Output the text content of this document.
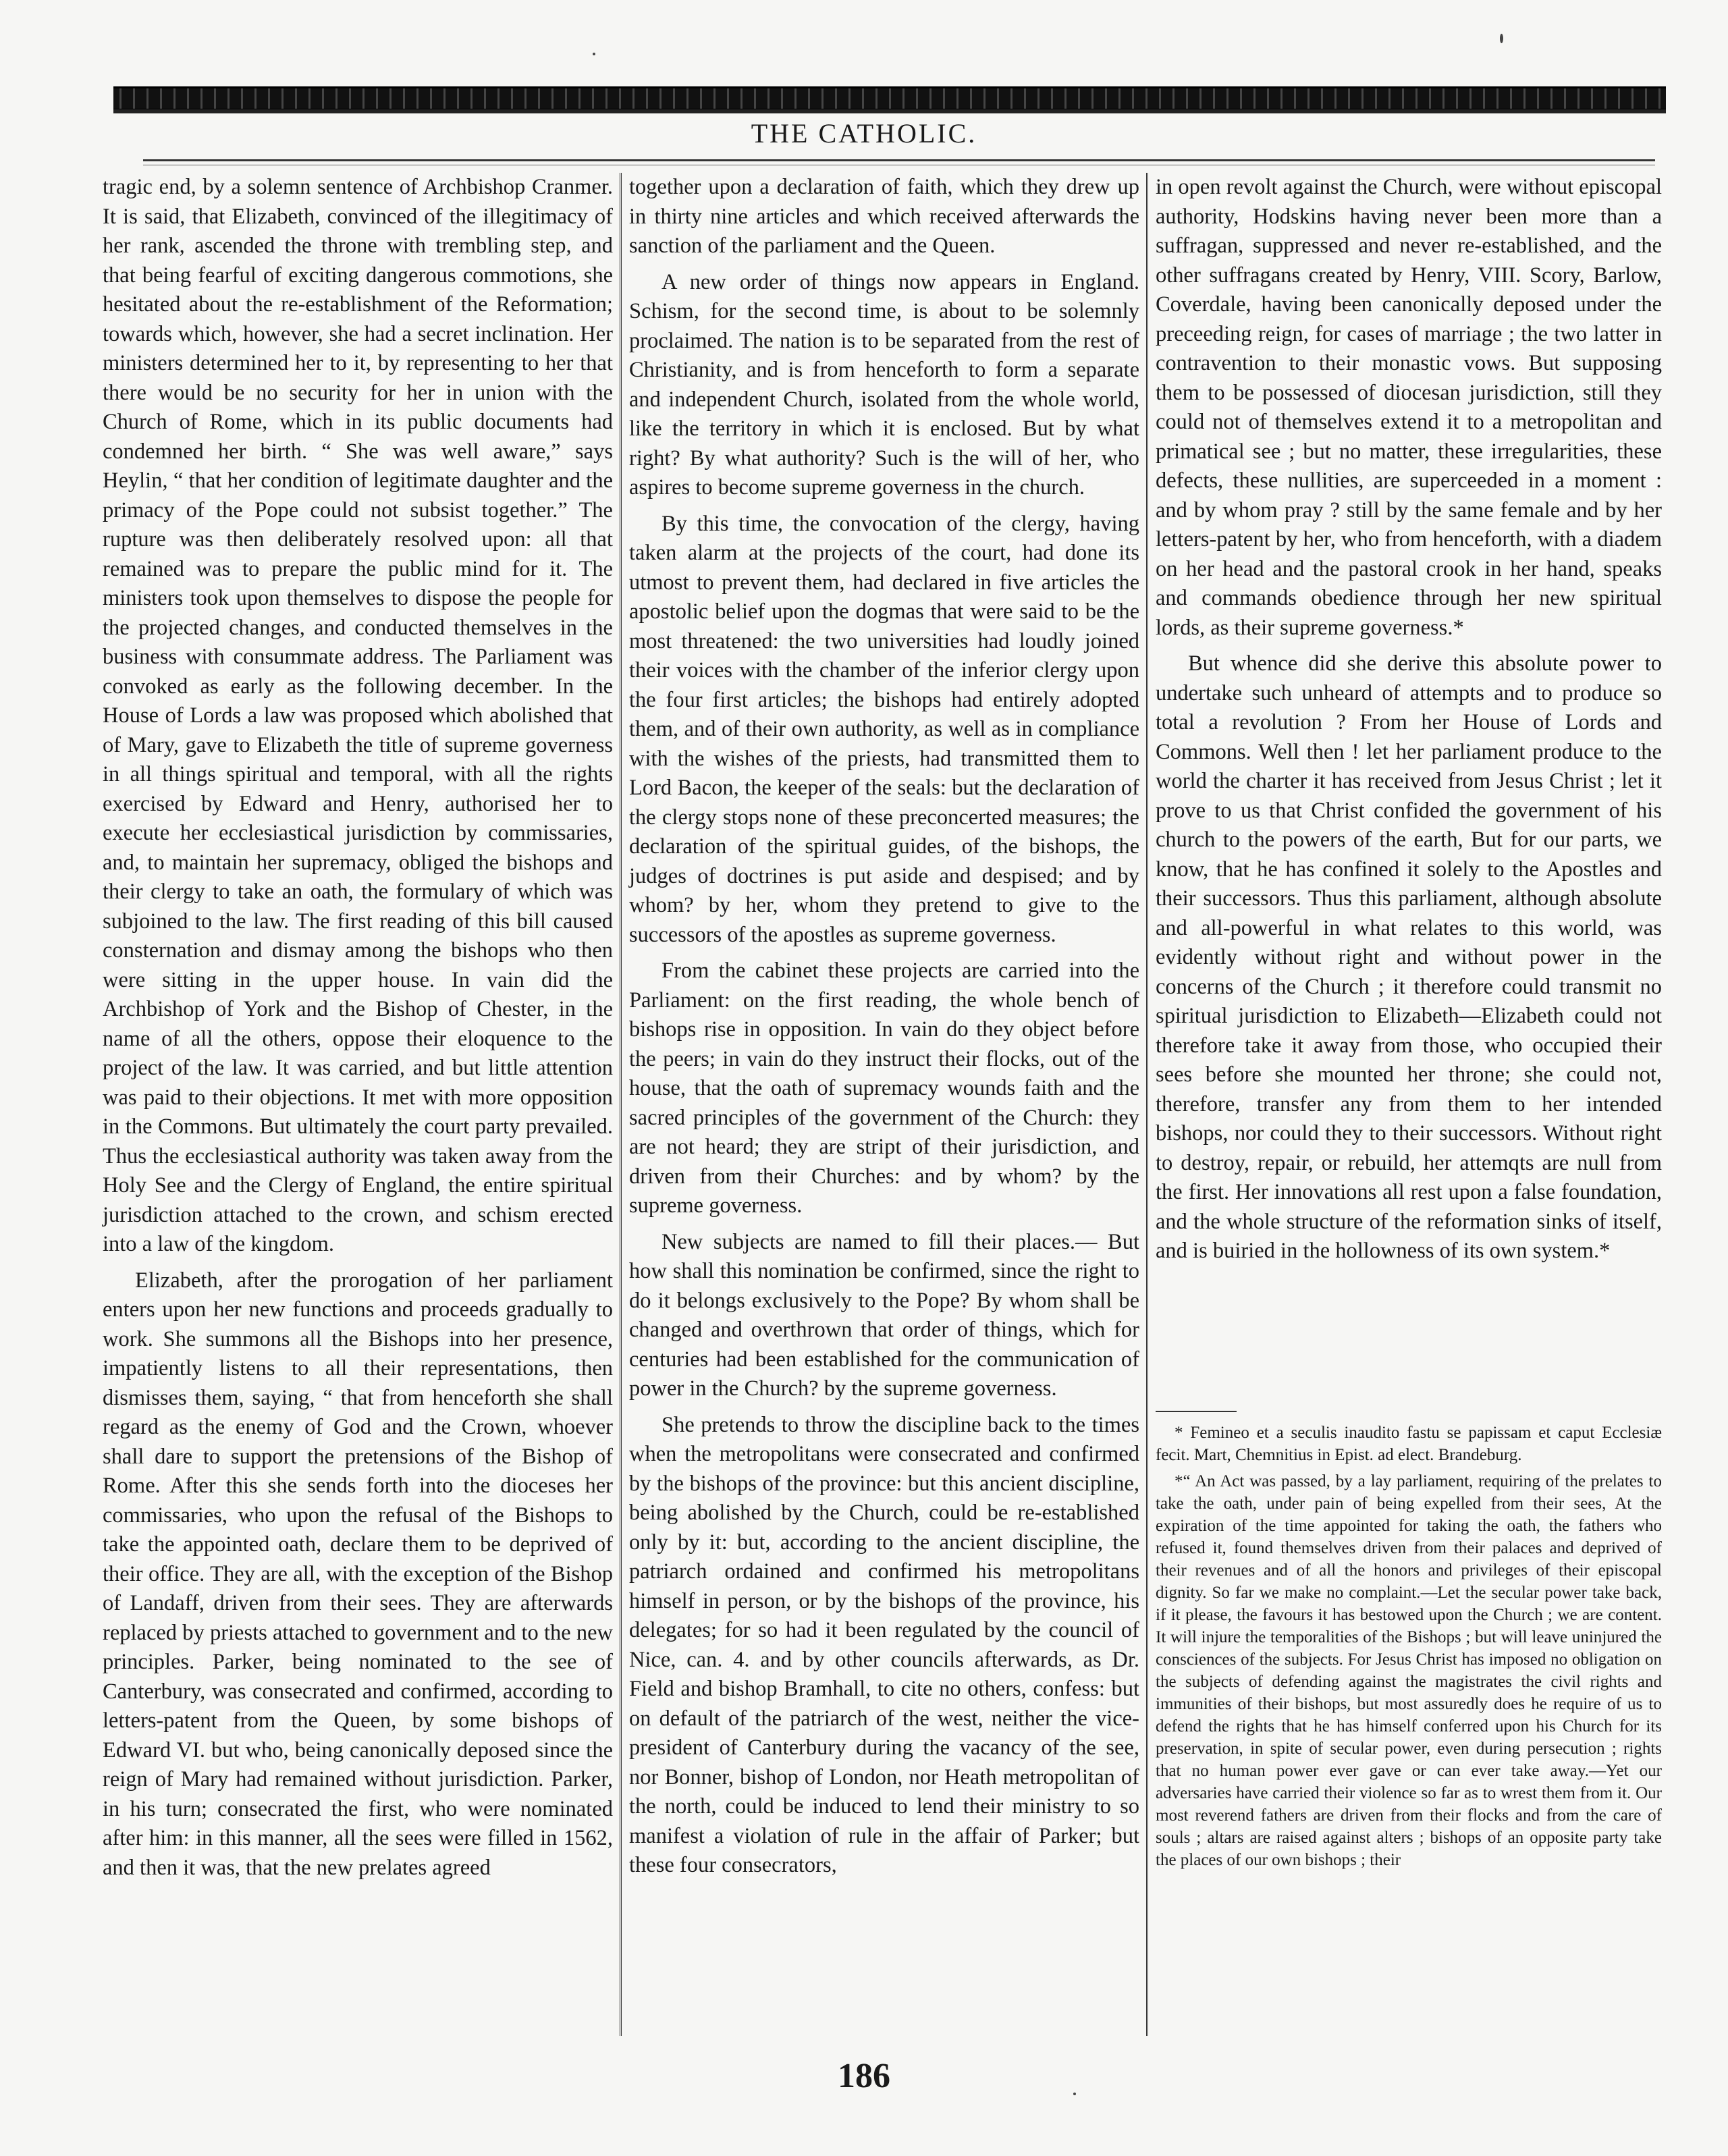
THE CATHOLIC.

tragic end, by a solemn sentence of Archbishop Cranmer. It is said, that Elizabeth, convinced of the illegitimacy of her rank, ascended the throne with trembling step, and that being fearful of exciting dangerous commotions, she hesitated about the re-establishment of the Reformation; towards which, however, she had a secret inclination. Her ministers determined her to it, by representing to her that there would be no security for her in union with the Church of Rome, which in its public documents had condemned her birth. “ She was well aware,” says Heylin, “ that her condition of legitimate daughter and the primacy of the Pope could not subsist together.” The rupture was then deliberately resolved upon: all that remained was to prepare the public mind for it. The ministers took upon themselves to dispose the people for the projected changes, and conducted themselves in the business with consummate address. The Parliament was convoked as early as the following december. In the House of Lords a law was proposed which abolished that of Mary, gave to Elizabeth the title of supreme governess in all things spiritual and temporal, with all the rights exercised by Edward and Henry, authorised her to execute her ecclesiastical jurisdiction by commissaries, and, to maintain her supremacy, obliged the bishops and their clergy to take an oath, the formulary of which was subjoined to the law. The first reading of this bill caused consternation and dismay among the bishops who then were sitting in the upper house. In vain did the Archbishop of York and the Bishop of Chester, in the name of all the others, oppose their eloquence to the project of the law. It was carried, and but little attention was paid to their objections. It met with more opposition in the Commons. But ultimately the court party prevailed. Thus the ecclesiastical authority was taken away from the Holy See and the Clergy of England, the entire spiritual jurisdiction attached to the crown, and schism erected into a law of the kingdom.

Elizabeth, after the prorogation of her parliament enters upon her new functions and proceeds gradually to work. She summons all the Bishops into her presence, impatiently listens to all their representations, then dismisses them, saying, “ that from henceforth she shall regard as the enemy of God and the Crown, whoever shall dare to support the pretensions of the Bishop of Rome. After this she sends forth into the dioceses her commissaries, who upon the refusal of the Bishops to take the appointed oath, declare them to be deprived of their office. They are all, with the exception of the Bishop of Landaff, driven from their sees. They are afterwards replaced by priests attached to government and to the new principles. Parker, being nominated to the see of Canterbury, was consecrated and confirmed, according to letters-patent from the Queen, by some bishops of Edward VI. but who, being canonically deposed since the reign of Mary had remained without jurisdiction. Parker, in his turn; consecrated the first, who were nominated after him: in this manner, all the sees were filled in 1562, and then it was, that the new prelates agreed

together upon a declaration of faith, which they drew up in thirty nine articles and which received afterwards the sanction of the parliament and the Queen.

A new order of things now appears in England. Schism, for the second time, is about to be solemnly proclaimed. The nation is to be separated from the rest of Christianity, and is from henceforth to form a separate and independent Church, isolated from the whole world, like the territory in which it is enclosed. But by what right? By what authority? Such is the will of her, who aspires to become supreme governess in the church.

By this time, the convocation of the clergy, having taken alarm at the projects of the court, had done its utmost to prevent them, had declared in five articles the apostolic belief upon the dogmas that were said to be the most threatened: the two universities had loudly joined their voices with the chamber of the inferior clergy upon the four first articles; the bishops had entirely adopted them, and of their own authority, as well as in compliance with the wishes of the priests, had transmitted them to Lord Bacon, the keeper of the seals: but the declaration of the clergy stops none of these preconcerted measures; the declaration of the spiritual guides, of the bishops, the judges of doctrines is put aside and despised; and by whom? by her, whom they pretend to give to the successors of the apostles as supreme governess.

From the cabinet these projects are carried into the Parliament: on the first reading, the whole bench of bishops rise in opposition. In vain do they object before the peers; in vain do they instruct their flocks, out of the house, that the oath of supremacy wounds faith and the sacred principles of the government of the Church: they are not heard; they are stript of their jurisdiction, and driven from their Churches: and by whom? by the supreme governess.

New subjects are named to fill their places.— But how shall this nomination be confirmed, since the right to do it belongs exclusively to the Pope? By whom shall be changed and overthrown that order of things, which for centuries had been established for the communication of power in the Church? by the supreme governess.

She pretends to throw the discipline back to the times when the metropolitans were consecrated and confirmed by the bishops of the province: but this ancient discipline, being abolished by the Church, could be re-established only by it: but, according to the ancient discipline, the patriarch ordained and confirmed his metropolitans himself in person, or by the bishops of the province, his delegates; for so had it been regulated by the council of Nice, can. 4. and by other councils afterwards, as Dr. Field and bishop Bramhall, to cite no others, confess: but on default of the patriarch of the west, neither the vice-president of Canterbury during the vacancy of the see, nor Bonner, bishop of London, nor Heath metropolitan of the north, could be induced to lend their ministry to so manifest a violation of rule in the affair of Parker; but these four consecrators,

in open revolt against the Church, were without episcopal authority, Hodskins having never been more than a suffragan, suppressed and never re-established, and the other suffragans created by Henry, VIII. Scory, Barlow, Coverdale, having been canonically deposed under the preceeding reign, for cases of marriage ; the two latter in contravention to their monastic vows. But supposing them to be possessed of diocesan jurisdiction, still they could not of themselves extend it to a metropolitan and primatical see ; but no matter, these irregularities, these defects, these nullities, are superceeded in a moment : and by whom pray ? still by the same female and by her letters-patent by her, who from henceforth, with a diadem on her head and the pastoral crook in her hand, speaks and commands obedience through her new spiritual lords, as their supreme governess.*

But whence did she derive this absolute power to undertake such unheard of attempts and to produce so total a revolution ? From her House of Lords and Commons. Well then ! let her parliament produce to the world the charter it has received from Jesus Christ ; let it prove to us that Christ confided the government of his church to the powers of the earth, But for our parts, we know, that he has confined it solely to the Apostles and their successors. Thus this parliament, although absolute and all-powerful in what relates to this world, was evidently without right and without power in the concerns of the Church ; it therefore could transmit no spiritual jurisdiction to Elizabeth—Elizabeth could not therefore take it away from those, who occupied their sees before she mounted her throne; she could not, therefore, transfer any from them to her intended bishops, nor could they to their successors. Without right to destroy, repair, or rebuild, her attemqts are null from the first. Her innovations all rest upon a false foundation, and the whole structure of the reformation sinks of itself, and is buiried in the hollowness of its own system.*

* Femineo et a seculis inaudito fastu se papissam et caput Ecclesiæ fecit. Mart, Chemnitius in Epist. ad elect. Brandeburg.

*“ An Act was passed, by a lay parliament, requiring of the prelates to take the oath, under pain of being expelled from their sees, At the expiration of the time appointed for taking the oath, the fathers who refused it, found themselves driven from their palaces and deprived of their revenues and of all the honors and privileges of their episcopal dignity. So far we make no complaint.—Let the secular power take back, if it please, the favours it has bestowed upon the Church ; we are content. It will injure the temporalities of the Bishops ; but will leave uninjured the consciences of the subjects. For Jesus Christ has imposed no obligation on the subjects of defending against the magistrates the civil rights and immunities of their bishops, but most assuredly does he require of us to defend the rights that he has himself conferred upon his Church for its preservation, in spite of secular power, even during persecution ; rights that no human power ever gave or can ever take away.—Yet our adversaries have carried their violence so far as to wrest them from it. Our most reverend fathers are driven from their flocks and from the care of souls ; altars are raised against alters ; bishops of an opposite party take the places of our own bishops ; their

186
